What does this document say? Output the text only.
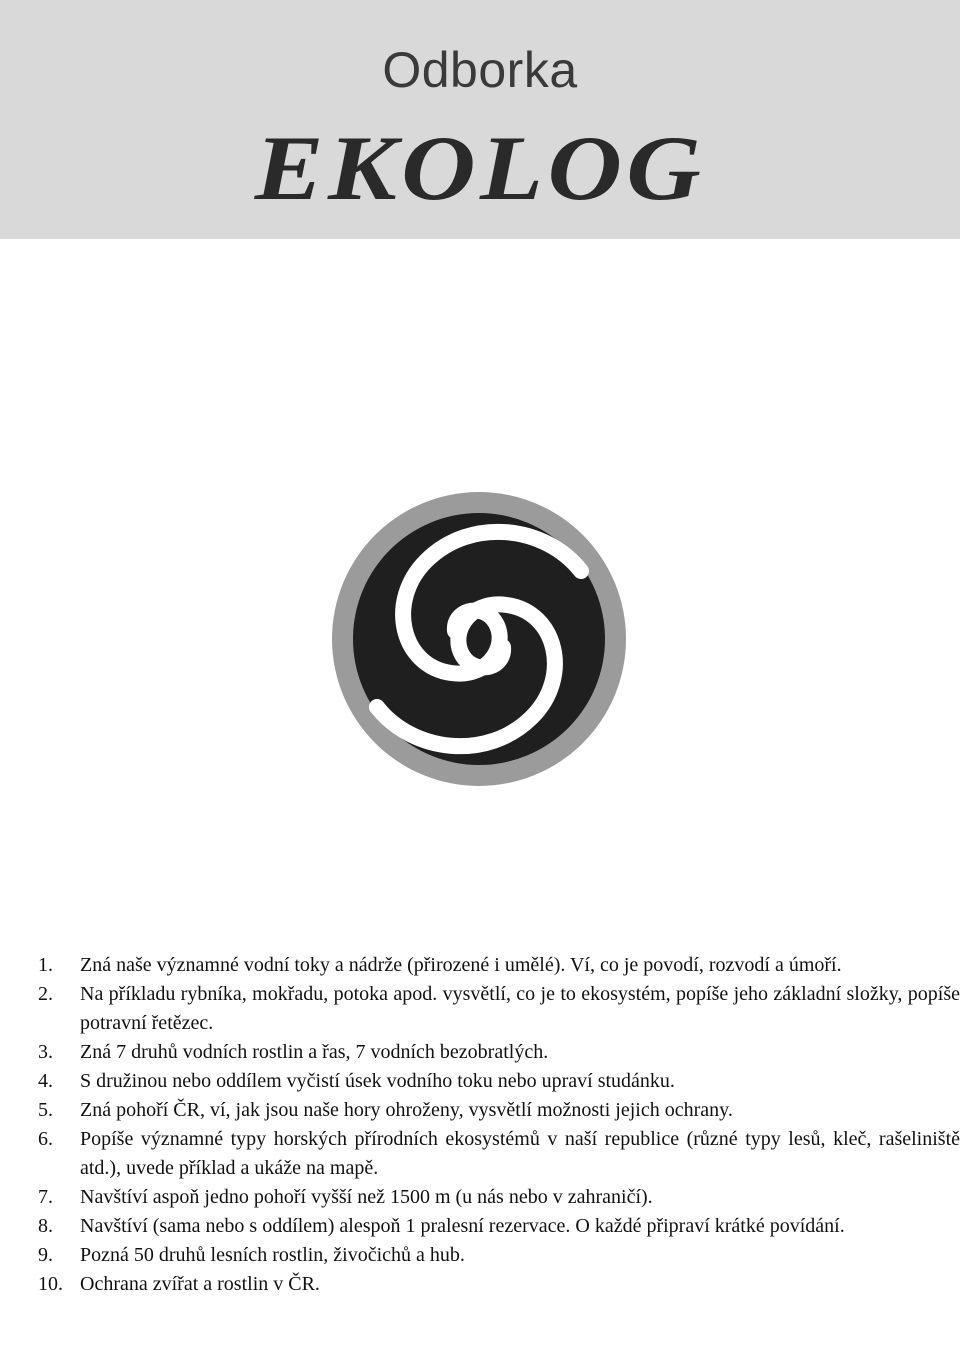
Odborka
EKOLOG
1. Zná naše významné vodní toky a nádrže (přirozené i umělé). Ví, co je povodí, rozvodí a úmoří.
2. Na příkladu rybníka, mokřadu, potoka apod. vysvětlí, co je to ekosystém, popíše jeho základní složky, popíše potravní řetězec.
3. Zná 7 druhů vodních rostlin a řas, 7 vodních bezobratlých.
4. S družinou nebo oddílem vyčistí úsek vodního toku nebo upraví studánku.
5. Zná pohoří ČR, ví, jak jsou naše hory ohroženy, vysvětlí možnosti jejich ochrany.
6. Popíše významné typy horských přírodních ekosystémů v naší republice (různé typy lesů, kleč, rašeliniště atd.), uvede příklad a ukáže na mapě.
7. Navštíví aspoň jedno pohoří vyšší než 1500 m (u nás nebo v zahraničí).
8. Navštíví (sama nebo s oddílem) alespoň 1 pralesní rezervace. O každé připraví krátké povídání.
9. Pozná 50 druhů lesních rostlin, živočichů a hub.
10. Ochrana zvířat a rostlin v ČR.
